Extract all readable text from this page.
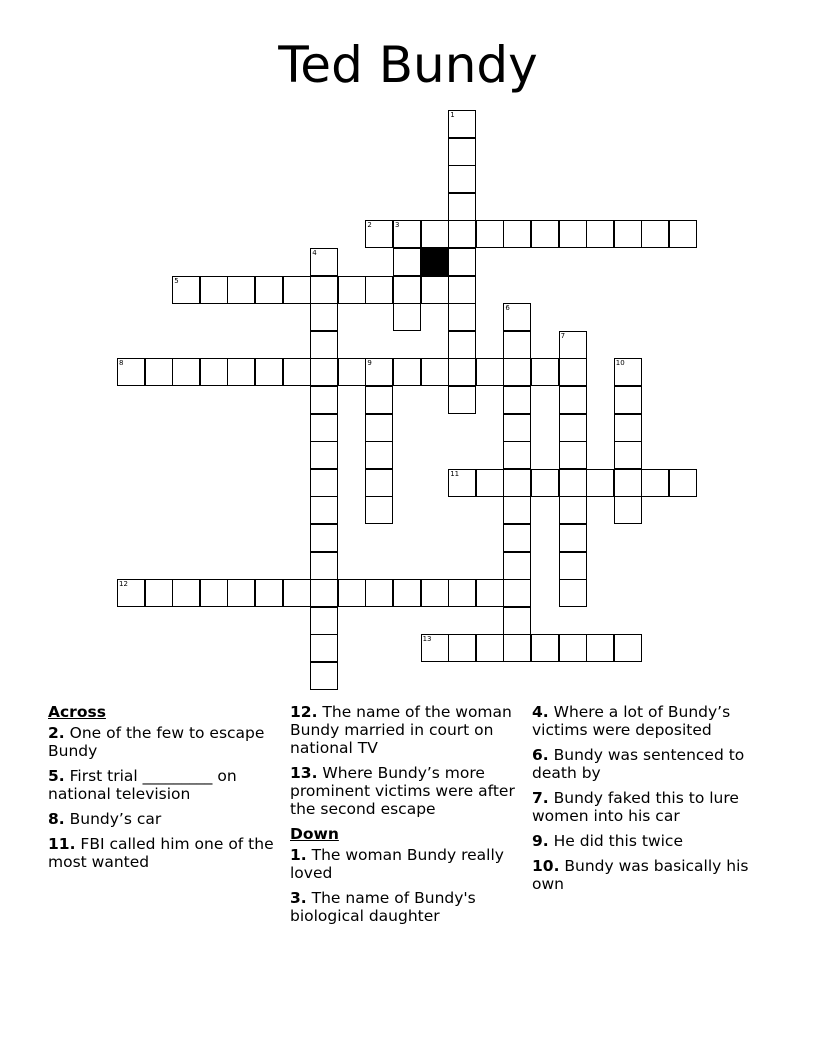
Ted Bundy
1
2	3
4
5
6
7
8	9	10
11
12
13
Across
2. One of the few to escape Bundy
5. First trial _________ on national television
8. Bundy’s car
11. FBI called him one of the most wanted
12. The name of the woman Bundy married in court on national TV
13. Where Bundy’s more prominent victims were after the second escape
Down
1. The woman Bundy really loved
3. The name of Bundy's biological daughter
4. Where a lot of Bundy’s victims were deposited
6. Bundy was sentenced to death by
7. Bundy faked this to lure women into his car
9. He did this twice
10. Bundy was basically his own
